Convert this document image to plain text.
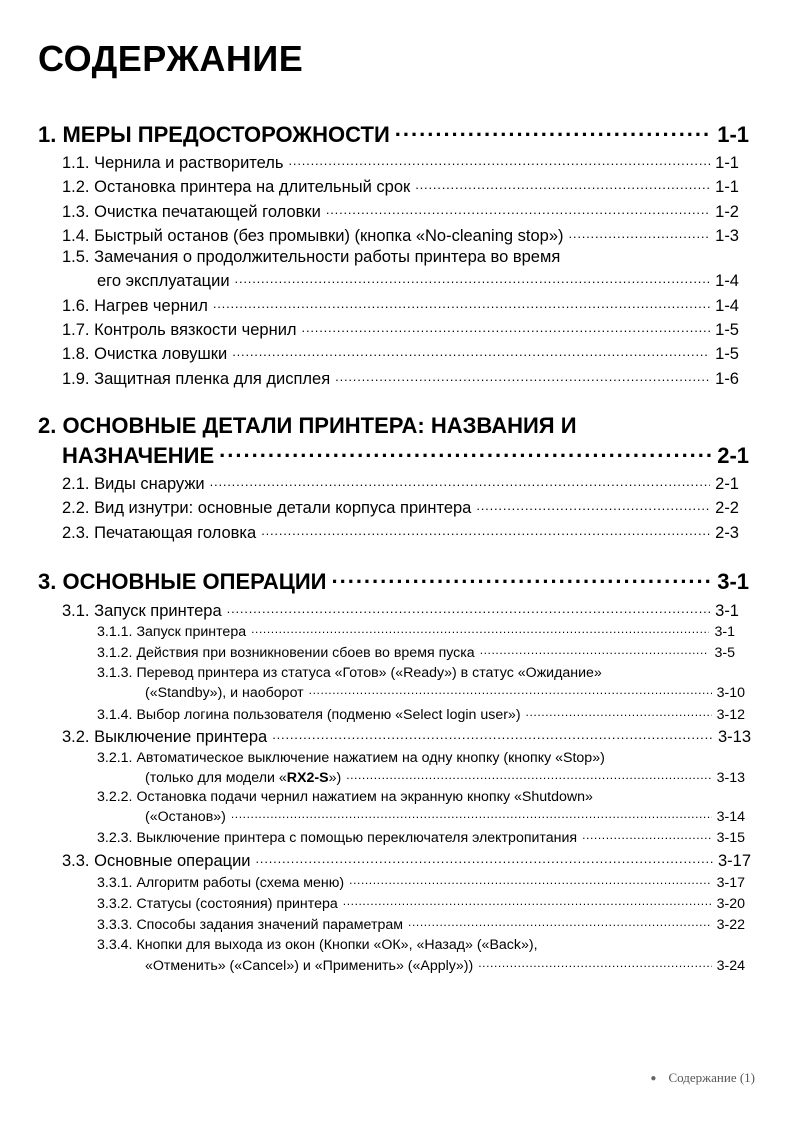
СОДЕРЖАНИЕ
1. МЕРЫ ПРЕДОСТОРОЖНОСТИ .....	1-1
1.1. Чернила и растворитель .....	1-1
1.2. Остановка принтера на длительный срок .....	1-1
1.3. Очистка печатающей головки .....	1-2
1.4. Быстрый останов (без промывки) (кнопка «No-cleaning stop») .....	1-3
1.5. Замечания о продолжительности работы принтера во время
его эксплуатации .....	1-4
1.6. Нагрев чернил .....	1-4
1.7. Контроль вязкости чернил .....	1-5
1.8. Очистка ловушки .....	1-5
1.9. Защитная пленка для дисплея .....	1-6
2. ОСНОВНЫЕ ДЕТАЛИ ПРИНТЕРА: НАЗВАНИЯ И
НАЗНАЧЕНИЕ .....	2-1
2.1. Виды снаружи .....	2-1
2.2. Вид изнутри: основные детали корпуса принтера .....	2-2
2.3. Печатающая головка .....	2-3
3. ОСНОВНЫЕ ОПЕРАЦИИ .....	3-1
3.1. Запуск принтера .....	3-1
3.1.1. Запуск принтера .....	3-1
3.1.2. Действия при возникновении сбоев во время пуска .....	3-5
3.1.3. Перевод принтера из статуса «Готов» («Ready») в статус «Ожидание»
(«Standby»), и наоборот .....	3-10
3.1.4. Выбор логина пользователя (подменю «Select login user») .....	3-12
3.2. Выключение принтера .....	3-13
3.2.1. Автоматическое выключение нажатием на одну кнопку (кнопку «Stop»)
(только для модели «RX2-S») .....	3-13
3.2.2. Остановка подачи чернил нажатием на экранную кнопку «Shutdown»
(«Останов») .....	3-14
3.2.3. Выключение принтера с помощью переключателя электропитания .....	3-15
3.3. Основные операции .....	3-17
3.3.1. Алгоритм работы (схема меню) .....	3-17
3.3.2. Статусы (состояния) принтера .....	3-20
3.3.3. Способы задания значений параметрам .....	3-22
3.3.4. Кнопки для выхода из окон (Кнопки «ОК», «Назад» («Back»),
«Отменить» («Cancel») и «Применить» («Apply»)) .....	3-24
● Содержание (1)
